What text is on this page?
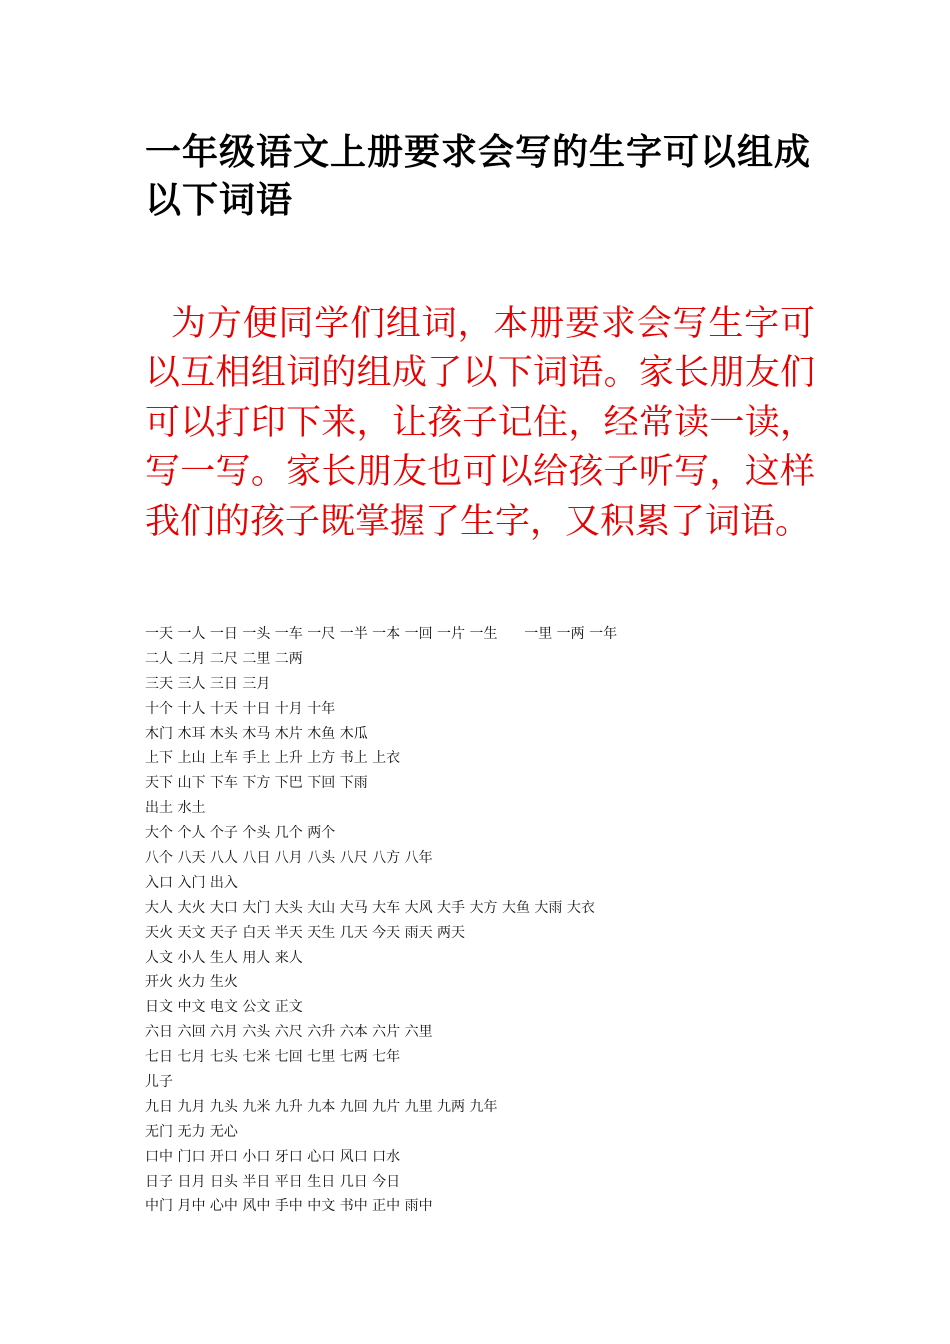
一年级语文上册要求会写的生字可以组成以下词语

为方便同学们组词，本册要求会写生字可以互相组词的组成了以下词语。家长朋友们可以打印下来，让孩子记住，经常读一读，写一写。家长朋友也可以给孩子听写，这样我们的孩子既掌握了生字，又积累了词语。

一天 一人 一日 一头 一车 一尺 一半 一本 一回 一片 一生      一里 一两 一年
二人 二月 二尺 二里 二两
三天 三人 三日 三月
十个 十人 十天 十日 十月 十年
木门 木耳 木头 木马 木片 木鱼 木瓜
上下 上山 上车 手上 上升 上方 书上 上衣
天下 山下 下车 下方 下巴 下回 下雨
出土 水土
大个 个人 个子 个头 几个 两个
八个 八天 八人 八日 八月 八头 八尺 八方 八年
入口 入门 出入
大人 大火 大口 大门 大头 大山 大马 大车 大风 大手 大方 大鱼 大雨 大衣
天火 天文 天子 白天 半天 天生 几天 今天 雨天 两天
人文 小人 生人 用人 来人
开火 火力 生火
日文 中文 电文 公文 正文
六日 六回 六月 六头 六尺 六升 六本 六片 六里
七日 七月 七头 七米 七回 七里 七两 七年
儿子
九日 九月 九头 九米 九升 九本 九回 九片 九里 九两 九年
无门 无力 无心
口中 门口 开口 小口 牙口 心口 风口 口水
日子 日月 日头 半日 平日 生日 几日 今日
中门 月中 心中 风中 手中 中文 书中 正中 雨中
